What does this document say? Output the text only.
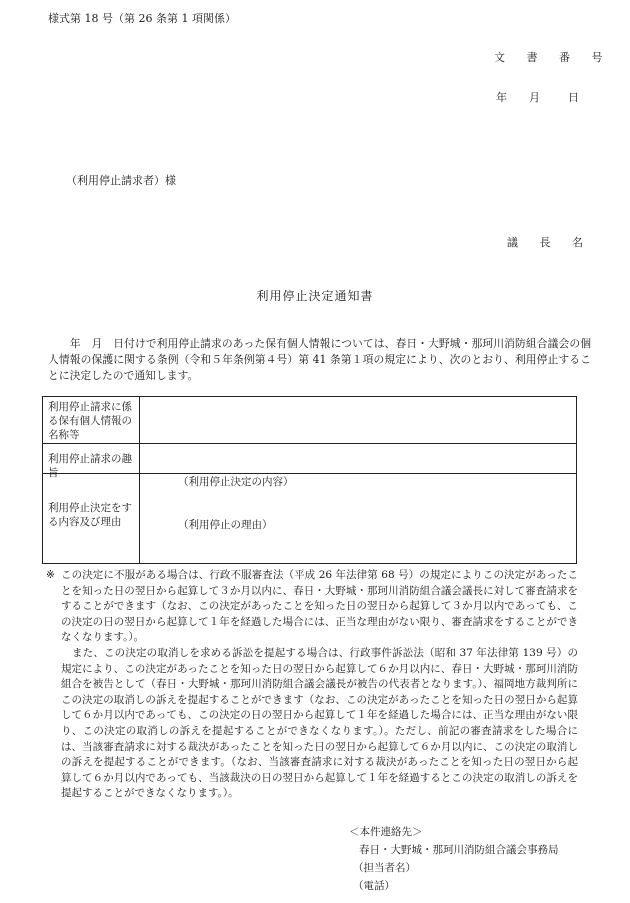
様式第 18 号（第 26 条第 1 項関係）
文 書 番 号
年 月	日
（利用停止請求者）様
議 長 名
利用停止決定通知書
　　年　月　日付けで利用停止請求のあった保有個人情報については、春日・大野城・那珂川消防組合議会の個人情報の保護に関する条例（令和５年条例第４号）第 41 条第１項の規定により、次のとおり、利用停止することに決定したので通知します。
利用停止請求に係る保有個人情報の名称等
利用停止請求の趣旨
利用停止決定をする内容及び理由
（利用停止決定の内容）
（利用停止の理由）
※ この決定に不服がある場合は、行政不服審査法（平成 26 年法律第 68 号）の規定によりこの決定があったことを知った日の翌日から起算して３か月以内に、春日・大野城・那珂川消防組合議会議長に対して審査請求をすることができます（なお、この決定があったことを知った日の翌日から起算して３か月以内であっても、この決定の日の翌日から起算して１年を経過した場合には、正当な理由がない限り、審査請求をすることができなくなります。）。

また、この決定の取消しを求める訴訟を提起する場合は、行政事件訴訟法（昭和 37 年法律第 139 号）の規定により、この決定があったことを知った日の翌日から起算して６か月以内に、春日・大野城・那珂川消防組合を被告として（春日・大野城・那珂川消防組合議会議長が被告の代表者となります。）、福岡地方裁判所にこの決定の取消しの訴えを提起することができます（なお、この決定があったことを知った日の翌日から起算して６か月以内であっても、この決定の日の翌日から起算して１年を経過した場合には、正当な理由がない限り、この決定の取消しの訴えを提起することができなくなります。）。ただし、前記の審査請求をした場合には、当該審査請求に対する裁決があったことを知った日の翌日から起算して６か月以内に、この決定の取消しの訴えを提起することができます。（なお、当該審査請求に対する裁決があったことを知った日の翌日から起算して６か月以内であっても、当該裁決の日の翌日から起算して１年を経過するとこの決定の取消しの訴えを提起することができなくなります。）。

＜本件連絡先＞
春日・大野城・那珂川消防組合議会事務局
（担当者名）
（電話）
